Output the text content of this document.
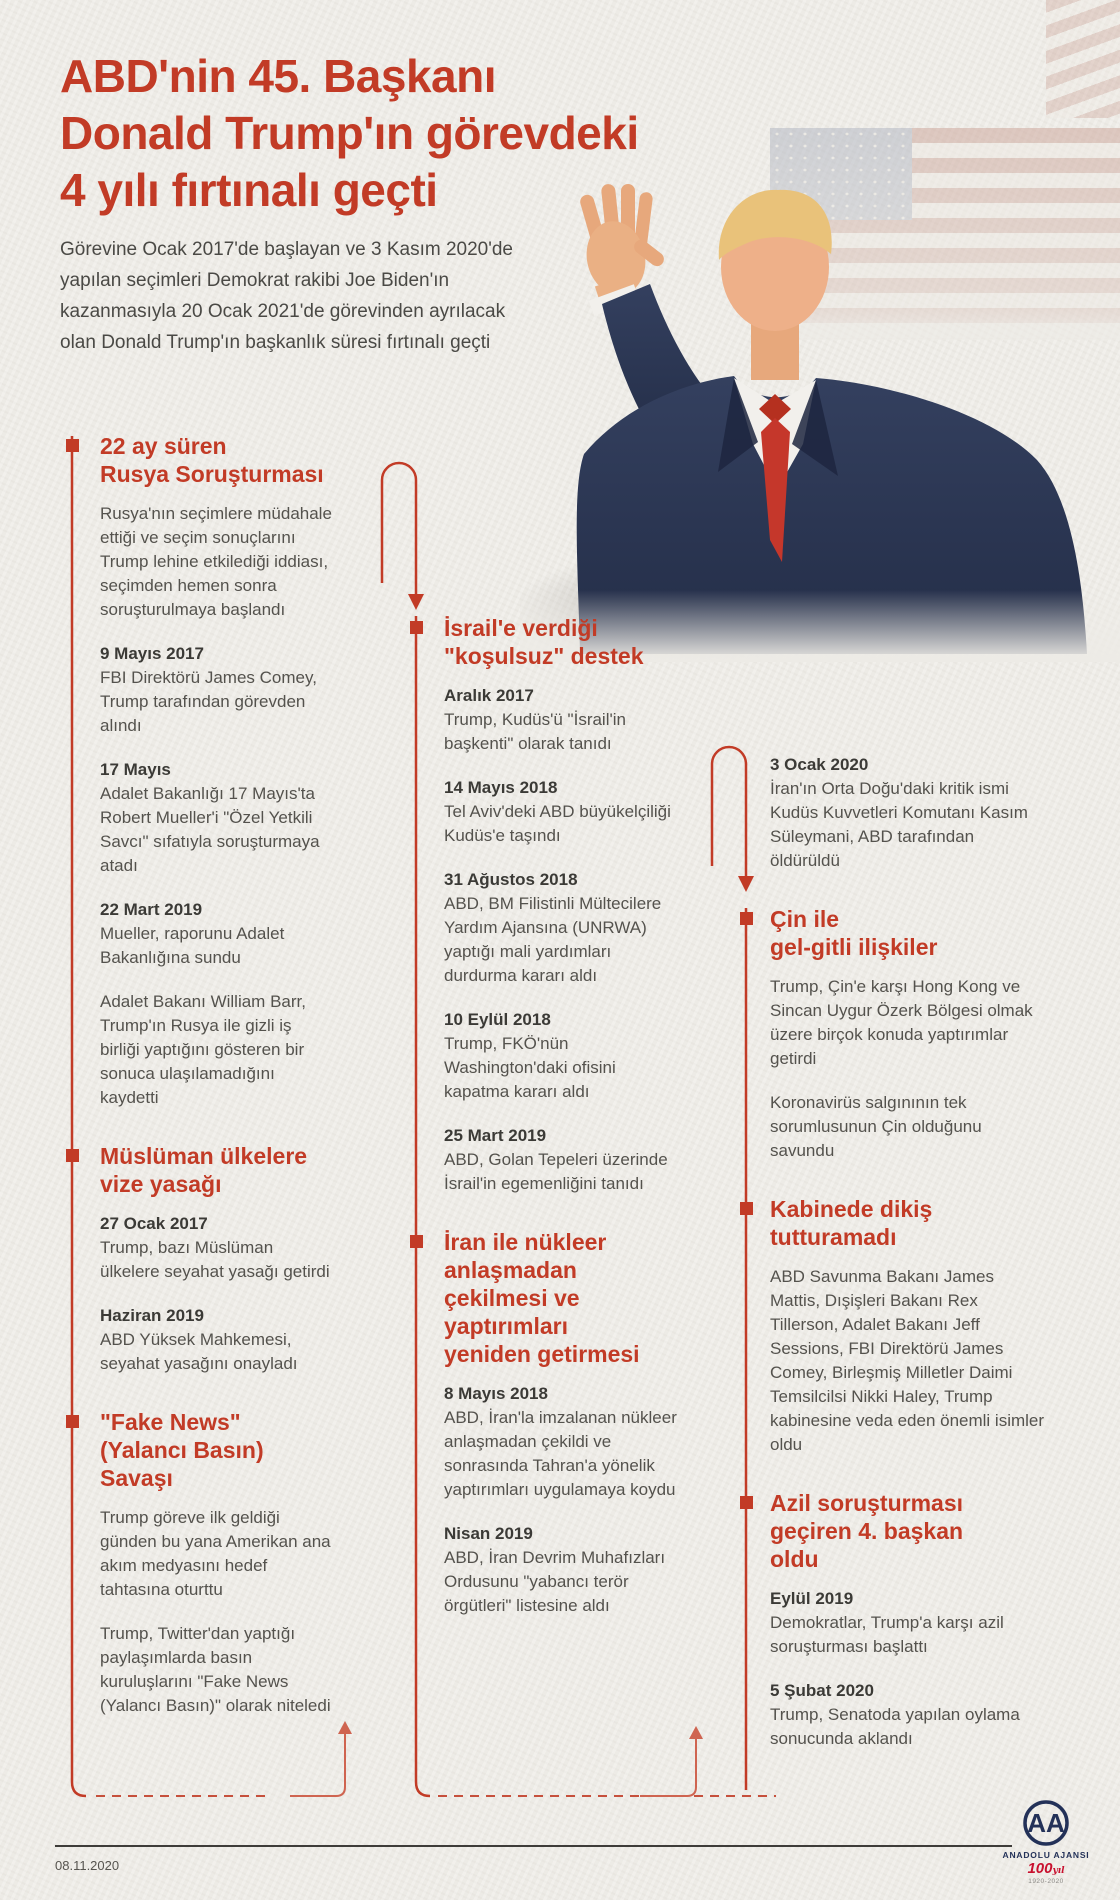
ABD'nin 45. Başkanı
Donald Trump'ın görevdeki
4 yılı fırtınalı geçti
Görevine Ocak 2017'de başlayan ve 3 Kasım 2020'de yapılan seçimleri Demokrat rakibi Joe Biden'ın kazanmasıyla 20 Ocak 2021'de görevinden ayrılacak olan Donald Trump'ın başkanlık süresi fırtınalı geçti
22 ay süren
Rusya Soruşturması
Rusya'nın seçimlere müdahale ettiği ve seçim sonuçlarını Trump lehine etkilediği iddiası, seçimden hemen sonra soruşturulmaya başlandı
9 Mayıs 2017
FBI Direktörü James Comey, Trump tarafından görevden alındı
17 Mayıs
Adalet Bakanlığı 17 Mayıs'ta Robert Mueller'i "Özel Yetkili Savcı" sıfatıyla soruşturmaya atadı
22 Mart 2019
Mueller, raporunu Adalet Bakanlığına sundu
Adalet Bakanı William Barr, Trump'ın Rusya ile gizli iş birliği yaptığını gösteren bir sonuca ulaşılamadığını kaydetti
Müslüman ülkelere
vize yasağı
27 Ocak 2017
Trump, bazı Müslüman ülkelere seyahat yasağı getirdi
Haziran 2019
ABD Yüksek Mahkemesi, seyahat yasağını onayladı
"Fake News"
(Yalancı Basın)
Savaşı
Trump göreve ilk geldiği günden bu yana Amerikan ana akım medyasını hedef tahtasına oturttu
Trump, Twitter'dan yaptığı paylaşımlarda basın kuruluşlarını "Fake News (Yalancı Basın)" olarak niteledi
İsrail'e verdiği
"koşulsuz" destek
Aralık 2017
Trump, Kudüs'ü "İsrail'in başkenti" olarak tanıdı
14 Mayıs 2018
Tel Aviv'deki ABD büyükelçiliği Kudüs'e taşındı
31 Ağustos 2018
ABD, BM Filistinli Mültecilere Yardım Ajansına (UNRWA) yaptığı mali yardımları durdurma kararı aldı
10 Eylül 2018
Trump, FKÖ'nün Washington'daki ofisini kapatma kararı aldı
25 Mart 2019
ABD, Golan Tepeleri üzerinde İsrail'in egemenliğini tanıdı
İran ile nükleer
anlaşmadan
çekilmesi ve
yaptırımları
yeniden getirmesi
8 Mayıs 2018
ABD, İran'la imzalanan nükleer anlaşmadan çekildi ve sonrasında Tahran'a yönelik yaptırımları uygulamaya koydu
Nisan 2019
ABD, İran Devrim Muhafızları Ordusunu "yabancı terör örgütleri" listesine aldı
3 Ocak 2020
İran'ın Orta Doğu'daki kritik ismi Kudüs Kuvvetleri Komutanı Kasım Süleymani, ABD tarafından öldürüldü
Çin ile
gel-gitli ilişkiler
Trump, Çin'e karşı Hong Kong ve Sincan Uygur Özerk Bölgesi olmak üzere birçok konuda yaptırımlar getirdi
Koronavirüs salgınının tek sorumlusunun Çin olduğunu savundu
Kabinede dikiş
tutturamadı
ABD Savunma Bakanı James Mattis, Dışişleri Bakanı Rex Tillerson, Adalet Bakanı Jeff Sessions, FBI Direktörü James Comey, Birleşmiş Milletler Daimi Temsilcilsi Nikki Haley, Trump kabinesine veda eden önemli isimler oldu
Azil soruşturması
geçiren 4. başkan
oldu
Eylül 2019
Demokratlar, Trump'a karşı azil soruşturması başlattı
5 Şubat 2020
Trump, Senatoda yapılan oylama sonucunda aklandı
08.11.2020
AA
ANADOLU AJANSI
100yıl
1920-2020
